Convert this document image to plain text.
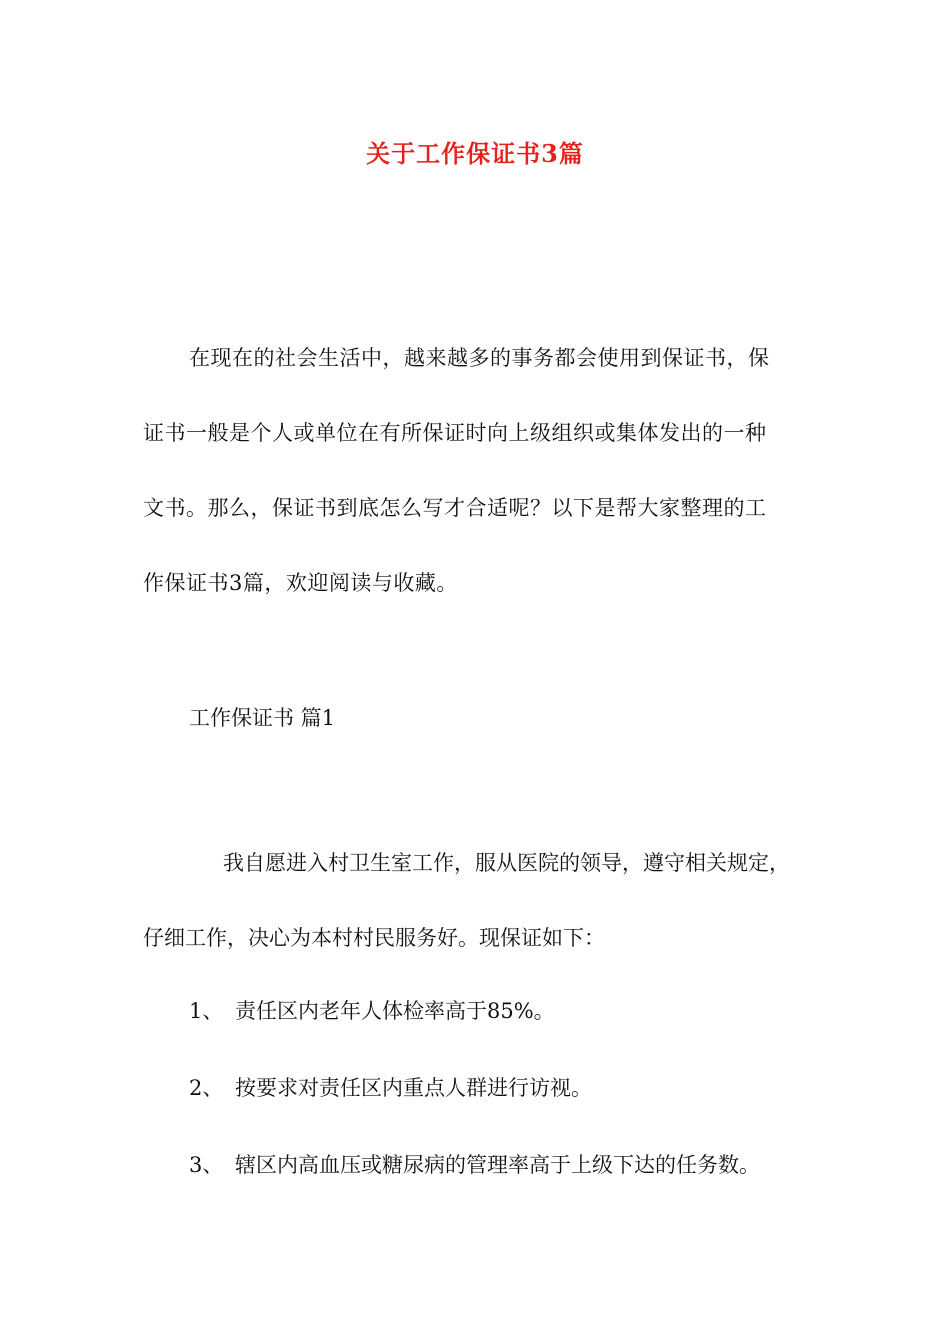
关于工作保证书3篇
在现在的社会生活中，越来越多的事务都会使用到保证书，保
证书一般是个人或单位在有所保证时向上级组织或集体发出的一种
文书。那么，保证书到底怎么写才合适呢？以下是帮大家整理的工
作保证书3篇，欢迎阅读与收藏。
工作保证书 篇1
我自愿进入村卫生室工作，服从医院的领导，遵守相关规定，
仔细工作，决心为本村村民服务好。现保证如下：
1、 责任区内老年人体检率高于85%。
2、 按要求对责任区内重点人群进行访视。
3、 辖区内高血压或糖尿病的管理率高于上级下达的任务数。
